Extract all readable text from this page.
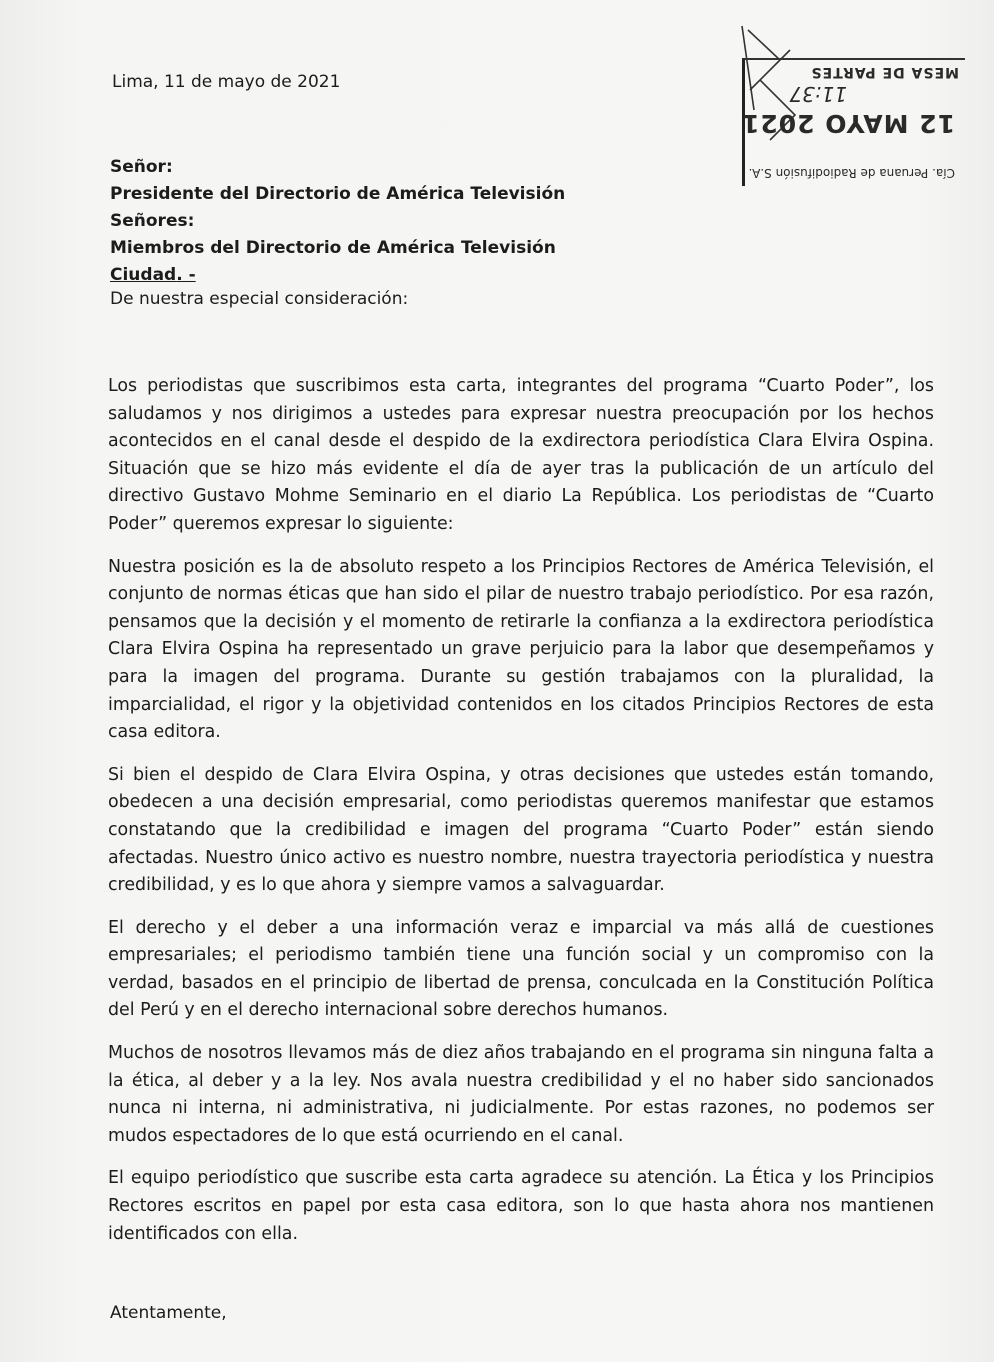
Lima, 11 de mayo de 2021
Señor:
Presidente del Directorio de América Televisión
Señores:
Miembros del Directorio de América Televisión
Ciudad. -
De nuestra especial consideración:

Los periodistas que suscribimos esta carta, integrantes del programa “Cuarto Poder”, los saludamos y nos dirigimos a ustedes para expresar nuestra preocupación por los hechos acontecidos en el canal desde el despido de la exdirectora periodística Clara Elvira Ospina. Situación que se hizo más evidente el día de ayer tras la publicación de un artículo del directivo Gustavo Mohme Seminario en el diario La República. Los periodistas de “Cuarto Poder” queremos expresar lo siguiente:

Nuestra posición es la de absoluto respeto a los Principios Rectores de América Televisión, el conjunto de normas éticas que han sido el pilar de nuestro trabajo periodístico. Por esa razón, pensamos que la decisión y el momento de retirarle la confianza a la exdirectora periodística Clara Elvira Ospina ha representado un grave perjuicio para la labor que desempeñamos y para la imagen del programa. Durante su gestión trabajamos con la pluralidad, la imparcialidad, el rigor y la objetividad contenidos en los citados Principios Rectores de esta casa editora.

Si bien el despido de Clara Elvira Ospina, y otras decisiones que ustedes están tomando, obedecen a una decisión empresarial, como periodistas queremos manifestar que estamos constatando que la credibilidad e imagen del programa “Cuarto Poder” están siendo afectadas. Nuestro único activo es nuestro nombre, nuestra trayectoria periodística y nuestra credibilidad, y es lo que ahora y siempre vamos a salvaguardar.

El derecho y el deber a una información veraz e imparcial va más allá de cuestiones empresariales; el periodismo también tiene una función social y un compromiso con la verdad, basados en el principio de libertad de prensa, conculcada en la Constitución Política del Perú y en el derecho internacional sobre derechos humanos.

Muchos de nosotros llevamos más de diez años trabajando en el programa sin ninguna falta a la ética, al deber y a la ley. Nos avala nuestra credibilidad y el no haber sido sancionados nunca ni interna, ni administrativa, ni judicialmente. Por estas razones, no podemos ser mudos espectadores de lo que está ocurriendo en el canal.

El equipo periodístico que suscribe esta carta agradece su atención. La Ética y los Principios Rectores escritos en papel por esta casa editora, son lo que hasta ahora nos mantienen identificados con ella.

Atentamente,
Cía. Peruana de Radiodifusión S.A.
12 MAYO 2021
11:37
MESA DE PARTES
